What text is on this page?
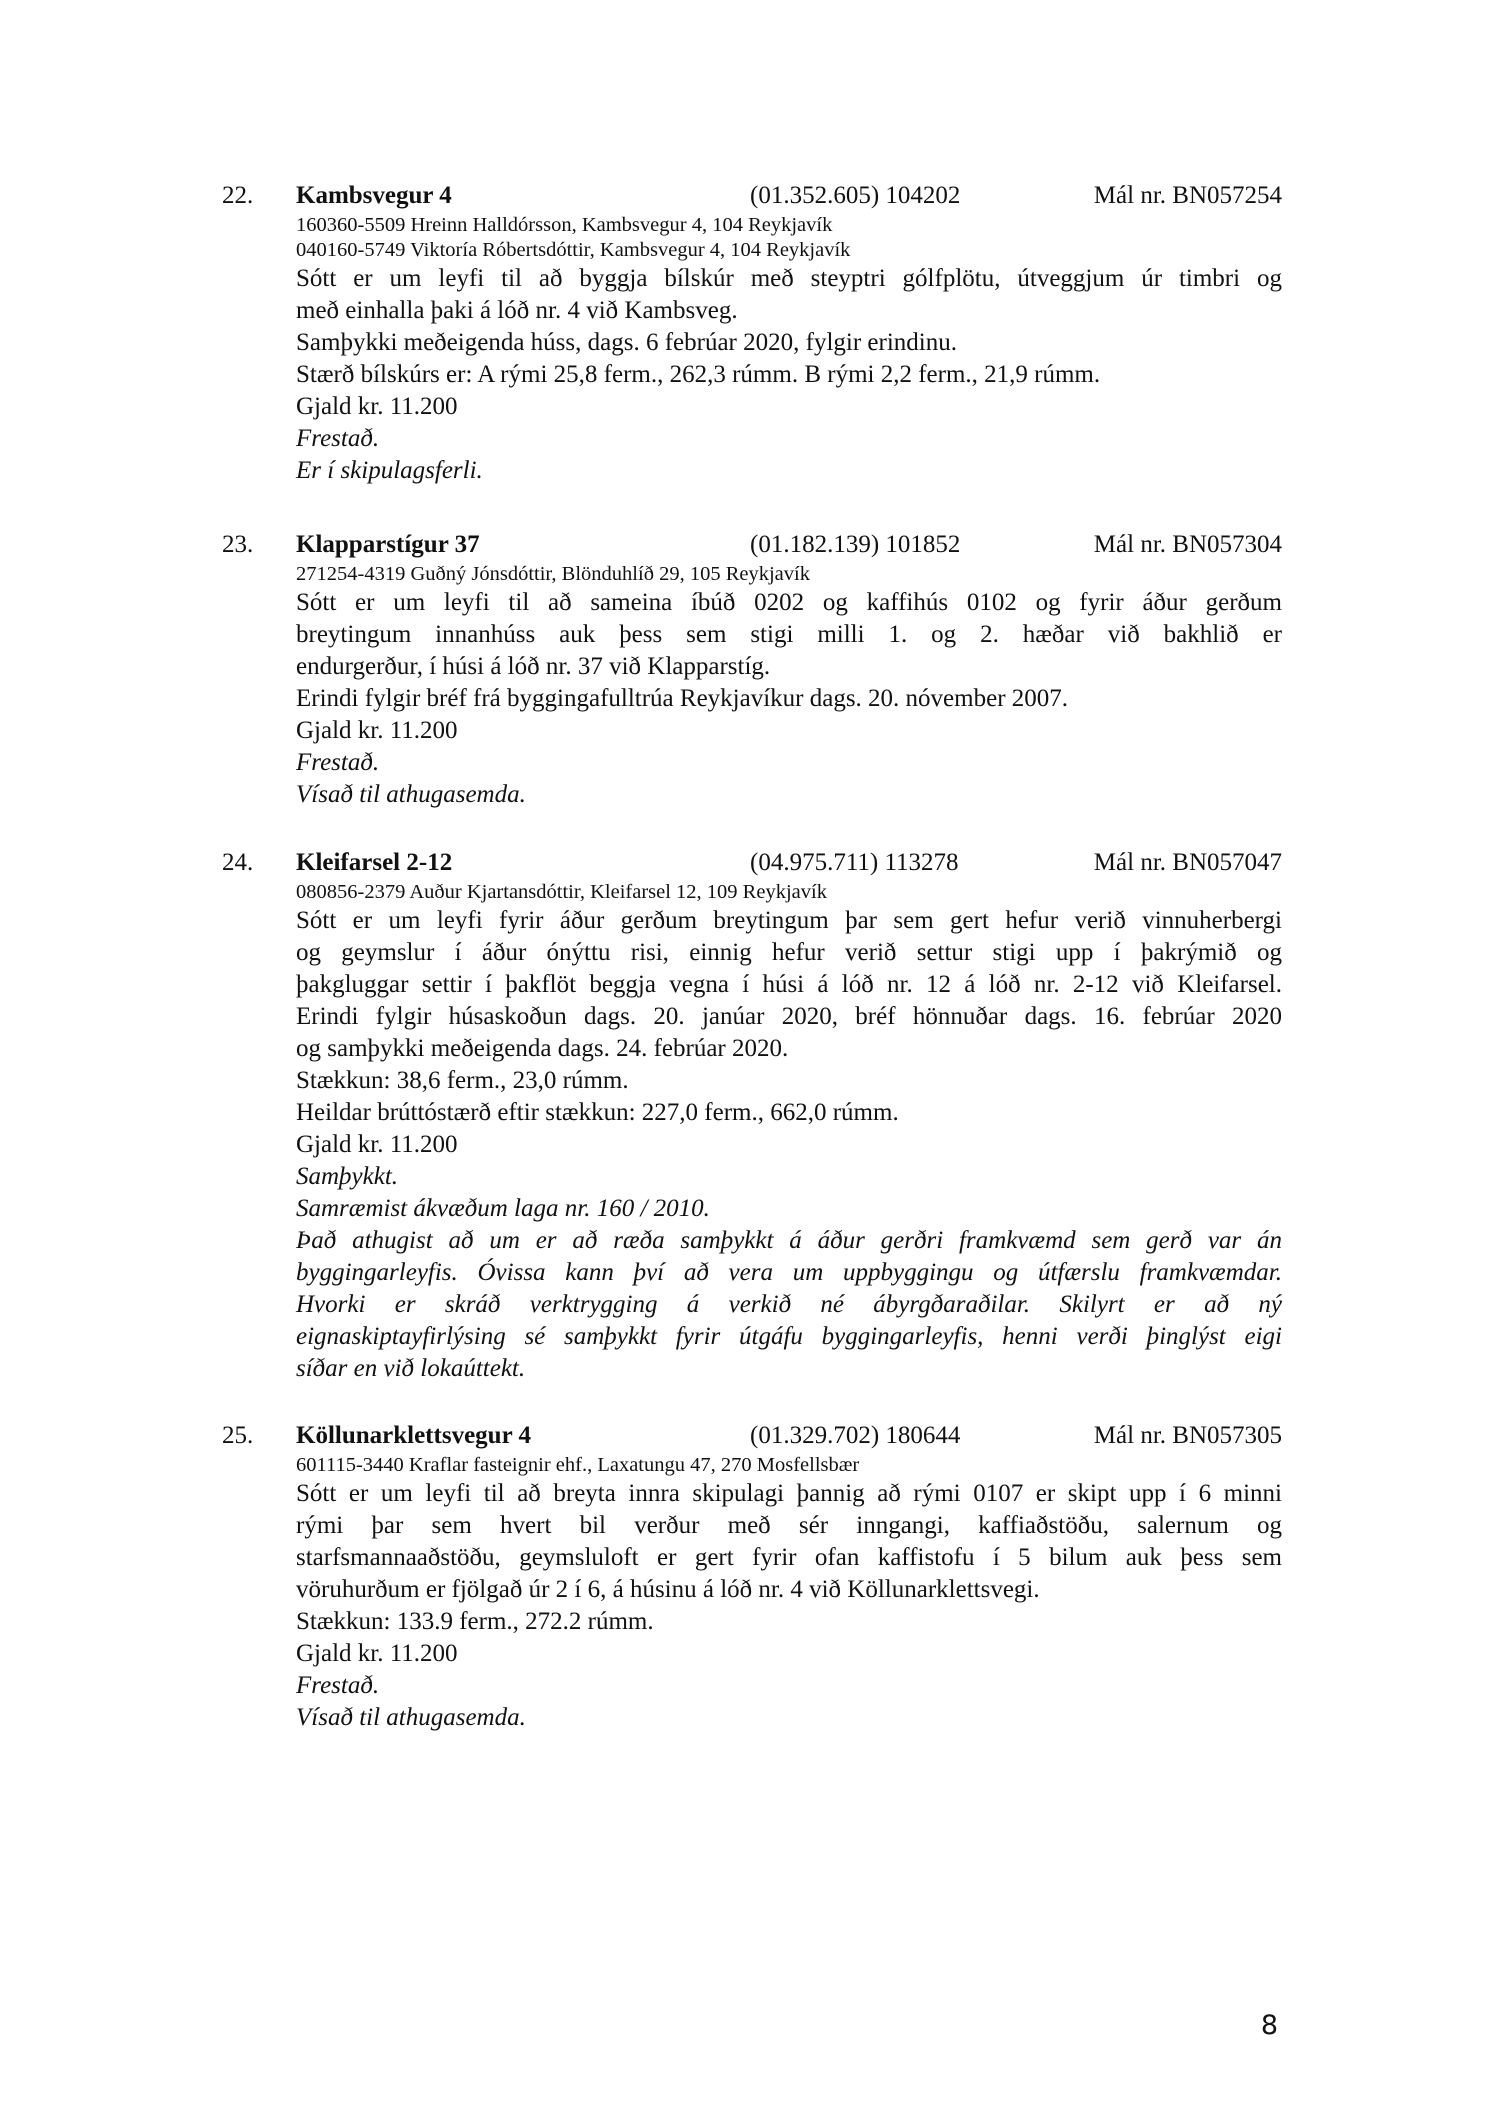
22. Kambsvegur 4	(01.352.605) 104202	Mál nr. BN057254
160360-5509 Hreinn Halldórsson, Kambsvegur 4, 104 Reykjavík
040160-5749 Viktoría Róbertsdóttir, Kambsvegur 4, 104 Reykjavík
Sótt er um leyfi til að byggja bílskúr með steyptri gólfplötu, útveggjum úr timbri og
með einhalla þaki á lóð nr. 4 við Kambsveg.
Samþykki meðeigenda húss, dags. 6 febrúar 2020, fylgir erindinu.
Stærð bílskúrs er: A rými 25,8 ferm., 262,3 rúmm. B rými 2,2 ferm., 21,9 rúmm.
Gjald kr. 11.200
Frestað.
Er í skipulagsferli.
23. Klapparstígur 37	(01.182.139) 101852	Mál nr. BN057304
271254-4319 Guðný Jónsdóttir, Blönduhlíð 29, 105 Reykjavík
Sótt er um leyfi til að sameina íbúð 0202 og kaffihús 0102 og fyrir áður gerðum
breytingum innanhúss auk þess sem stigi milli 1. og 2. hæðar við bakhlið er
endurgerður, í húsi á lóð nr. 37 við Klapparstíg.
Erindi fylgir bréf frá byggingafulltrúa Reykjavíkur dags. 20. nóvember 2007.
Gjald kr. 11.200
Frestað.
Vísað til athugasemda.
24. Kleifarsel 2-12	(04.975.711) 113278	Mál nr. BN057047
080856-2379 Auður Kjartansdóttir, Kleifarsel 12, 109 Reykjavík
Sótt er um leyfi fyrir áður gerðum breytingum þar sem gert hefur verið vinnuherbergi
og geymslur í áður ónýttu risi, einnig hefur verið settur stigi upp í þakrýmið og
þakgluggar settir í þakflöt beggja vegna í húsi á lóð nr. 12 á lóð nr. 2-12 við Kleifarsel.
Erindi fylgir húsaskoðun dags. 20. janúar 2020, bréf hönnuðar dags. 16. febrúar 2020
og samþykki meðeigenda dags. 24. febrúar 2020.
Stækkun: 38,6 ferm., 23,0 rúmm.
Heildar brúttóstærð eftir stækkun: 227,0 ferm., 662,0 rúmm.
Gjald kr. 11.200
Samþykkt.
Samræmist ákvæðum laga nr. 160 / 2010.
Það athugist að um er að ræða samþykkt á áður gerðri framkvæmd sem gerð var án
byggingarleyfis. Óvissa kann því að vera um uppbyggingu og útfærslu framkvæmdar.
Hvorki er skráð verktrygging á verkið né ábyrgðaraðilar. Skilyrt er að ný
eignaskiptayfirlýsing sé samþykkt fyrir útgáfu byggingarleyfis, henni verði þinglýst eigi
síðar en við lokaúttekt.
25. Köllunarklettsvegur 4	(01.329.702) 180644	Mál nr. BN057305
601115-3440 Kraflar fasteignir ehf., Laxatungu 47, 270 Mosfellsbær
Sótt er um leyfi til að breyta innra skipulagi þannig að rými 0107 er skipt upp í 6 minni
rými þar sem hvert bil verður með sér inngangi, kaffiaðstöðu, salernum og
starfsmannaaðstöðu, geymsluloft er gert fyrir ofan kaffistofu í 5 bilum auk þess sem
vöruhurðum er fjölgað úr 2 í 6, á húsinu á lóð nr. 4 við Köllunarklettsvegi.
Stækkun: 133.9 ferm., 272.2 rúmm.
Gjald kr. 11.200
Frestað.
Vísað til athugasemda.
8
